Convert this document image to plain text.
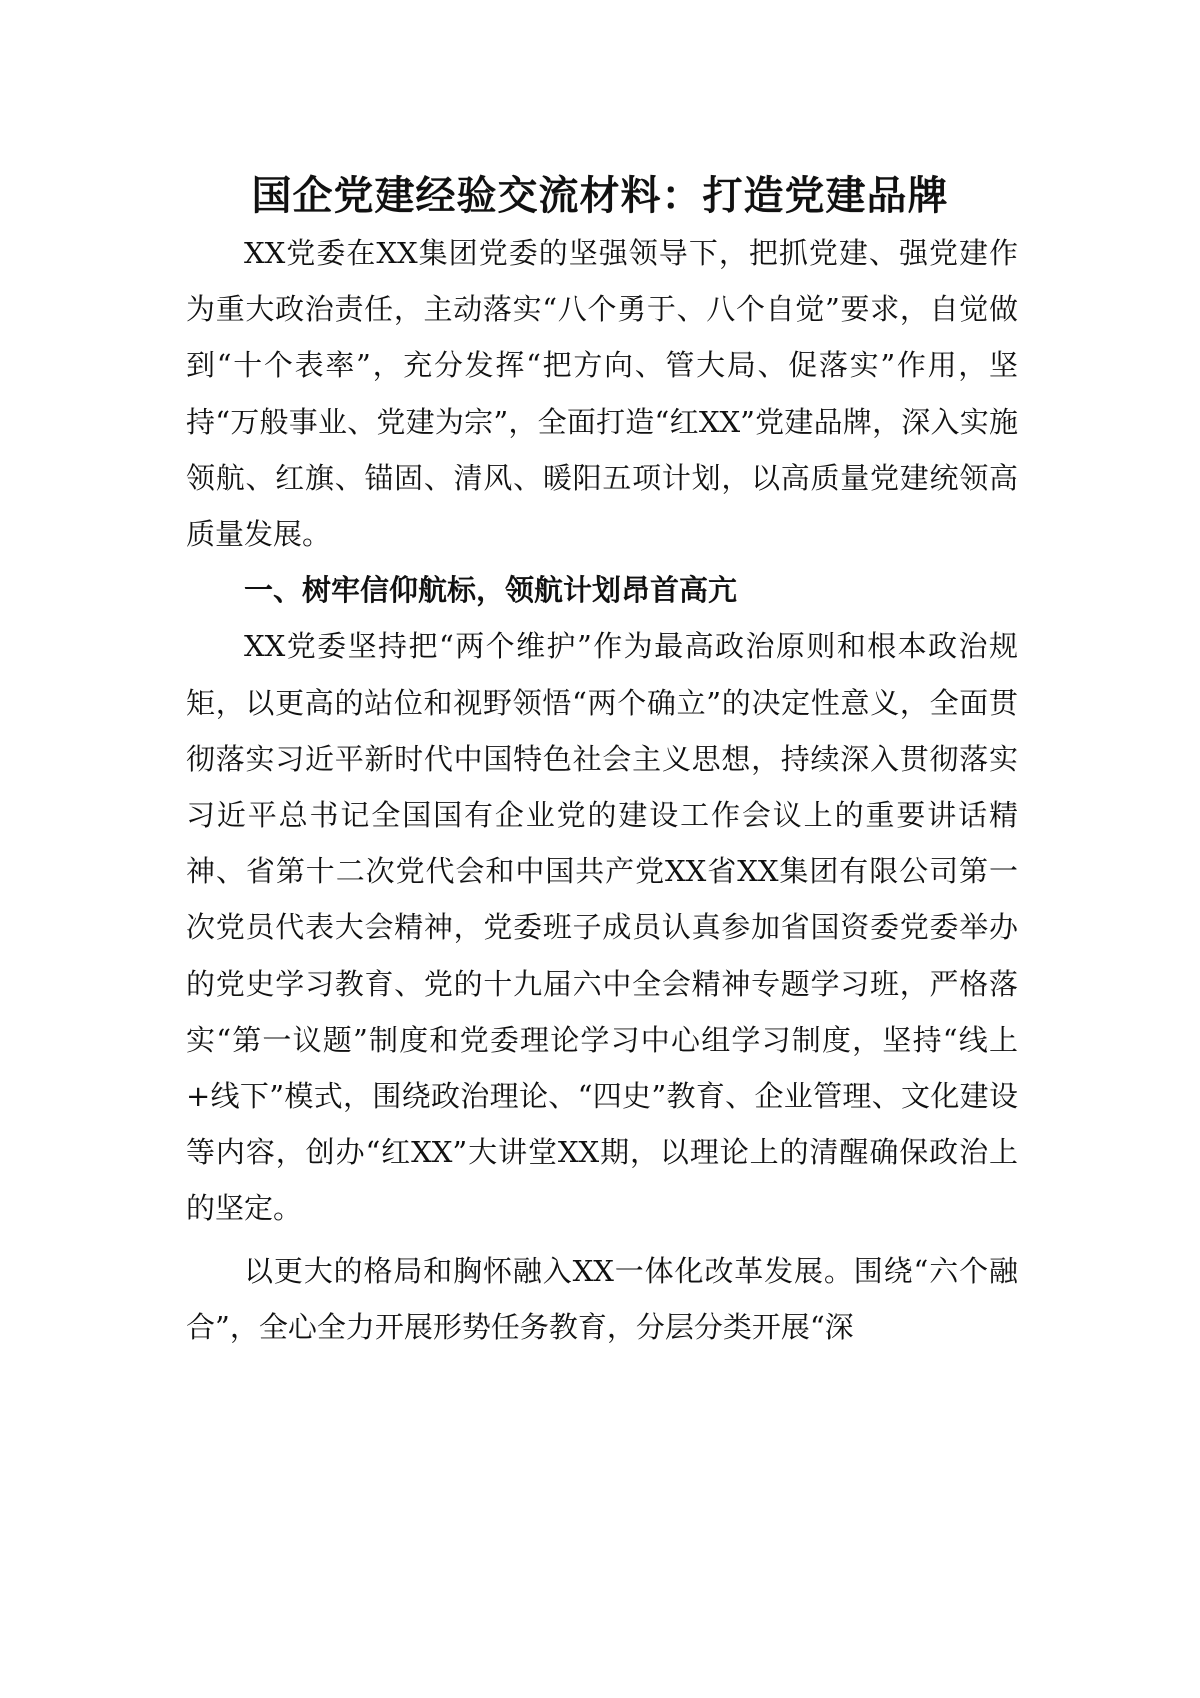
国企党建经验交流材料：打造党建品牌

XX党委在XX集团党委的坚强领导下，把抓党建、强党建作为重大政治责任，主动落实“八个勇于、八个自觉”要求，自觉做到“十个表率”，充分发挥“把方向、管大局、促落实”作用，坚持“万般事业、党建为宗”，全面打造“红XX”党建品牌，深入实施领航、红旗、锚固、清风、暖阳五项计划，以高质量党建统领高质量发展。

一、树牢信仰航标，领航计划昂首高亢

XX党委坚持把“两个维护”作为最高政治原则和根本政治规矩，以更高的站位和视野领悟“两个确立”的决定性意义，全面贯彻落实习近平新时代中国特色社会主义思想，持续深入贯彻落实习近平总书记全国国有企业党的建设工作会议上的重要讲话精神、省第十二次党代会和中国共产党XX省XX集团有限公司第一次党员代表大会精神，党委班子成员认真参加省国资委党委举办的党史学习教育、党的十九届六中全会精神专题学习班，严格落实“第一议题”制度和党委理论学习中心组学习制度，坚持“线上+线下”模式，围绕政治理论、“四史”教育、企业管理、文化建设等内容，创办“红XX”大讲堂XX期，以理论上的清醒确保政治上的坚定。

以更大的格局和胸怀融入XX一体化改革发展。围绕“六个融合”，全心全力开展形势任务教育，分层分类开展“深
